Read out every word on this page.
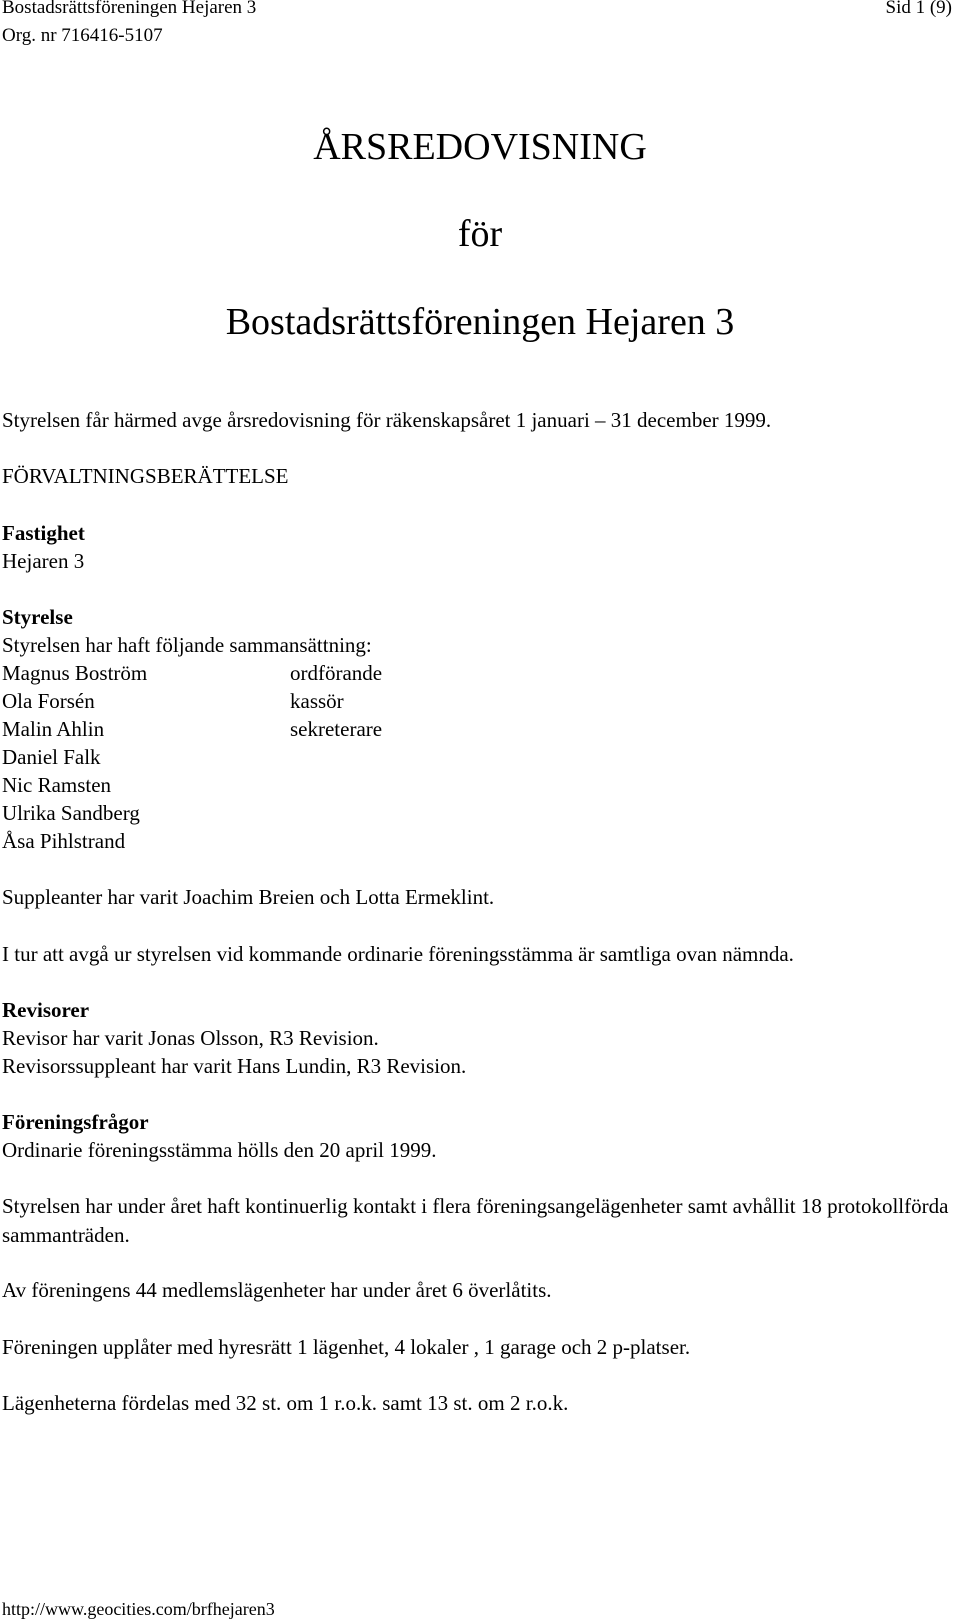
Bostadsrättsföreningen Hejaren 3
Org. nr 716416-5107
Sid 1 (9)
ÅRSREDOVISNING
för
Bostadsrättsföreningen Hejaren 3
Styrelsen får härmed avge årsredovisning för räkenskapsåret 1 januari – 31 december 1999.
FÖRVALTNINGSBERÄTTELSE
Fastighet
Hejaren 3
Styrelse
Styrelsen har haft följande sammansättning:
Magnus Boström	ordförande
Ola Forsén	kassör
Malin Ahlin	sekreterare
Daniel Falk
Nic Ramsten
Ulrika Sandberg
Åsa Pihlstrand
Suppleanter har varit Joachim Breien och Lotta Ermeklint.
I tur att avgå ur styrelsen vid kommande ordinarie föreningsstämma är samtliga ovan nämnda.
Revisorer
Revisor har varit Jonas Olsson, R3 Revision.
Revisorssuppleant har varit Hans Lundin, R3 Revision.
Föreningsfrågor
Ordinarie föreningsstämma hölls den 20 april 1999.
Styrelsen har under året haft kontinuerlig kontakt i flera föreningsangelägenheter samt avhållit 18 protokollförda sammanträden.
Av föreningens 44 medlemslägenheter har under året 6 överlåtits.
Föreningen upplåter med hyresrätt 1 lägenhet, 4 lokaler , 1 garage och 2 p-platser.
Lägenheterna fördelas med 32 st. om 1 r.o.k. samt 13 st. om 2 r.o.k.
http://www.geocities.com/brfhejaren3
